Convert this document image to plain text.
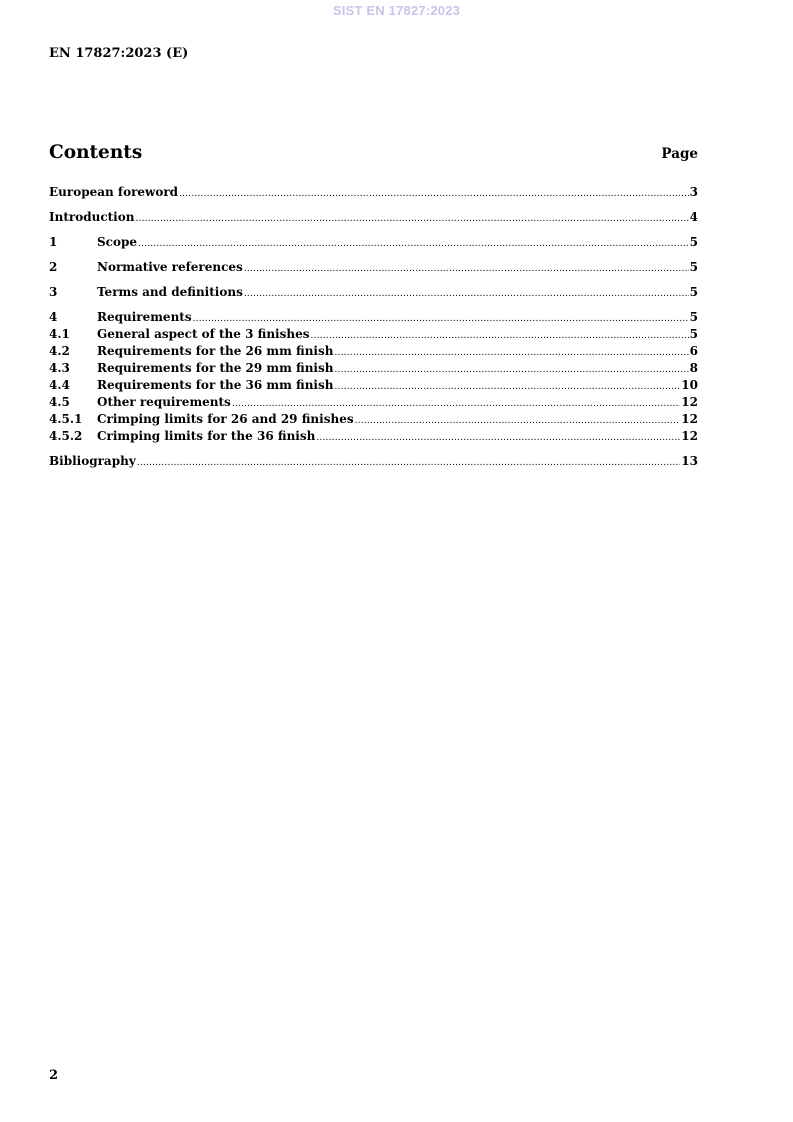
SIST EN 17827:2023
EN 17827:2023 (E)
Contents	Page
European foreword .....	3
Introduction .....	4
1	Scope .....	5
2	Normative references .....	5
3	Terms and definitions .....	5
4	Requirements .....	5
4.1	General aspect of the 3 finishes .....	5
4.2	Requirements for the 26 mm finish .....	6
4.3	Requirements for the 29 mm finish .....	8
4.4	Requirements for the 36 mm finish .....	10
4.5	Other requirements .....	12
4.5.1	Crimping limits for 26 and 29 finishes .....	12
4.5.2	Crimping limits for the 36 finish .....	12
Bibliography .....	13
2
